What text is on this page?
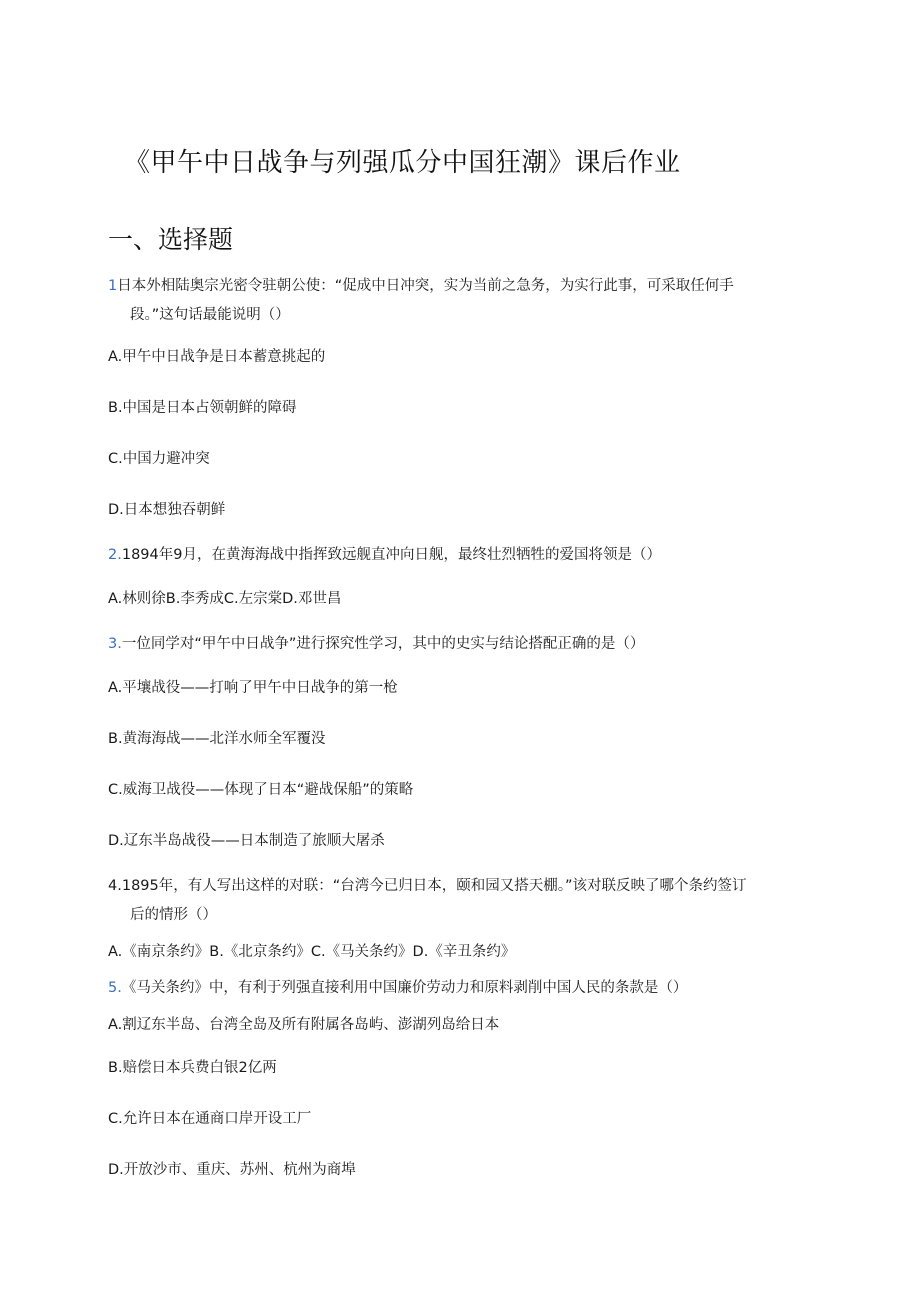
《甲午中日战争与列强瓜分中国狂潮》课后作业
一、选择题
1日本外相陆奥宗光密令驻朝公使：“促成中日冲突，实为当前之急务，为实行此事，可采取任何手
段。”这句话最能说明（）
A.甲午中日战争是日本蓄意挑起的
B.中国是日本占领朝鲜的障碍
C.中国力避冲突
D.日本想独吞朝鲜
2.1894年9月，在黄海海战中指挥致远舰直冲向日舰，最终壮烈牺牲的爱国将领是（）
A.林则徐B.李秀成C.左宗棠D.邓世昌
3.一位同学对“甲午中日战争”进行探究性学习，其中的史实与结论搭配正确的是（）
A.平壤战役——打响了甲午中日战争的第一枪
B.黄海海战——北洋水师全军覆没
C.威海卫战役——体现了日本“避战保船”的策略
D.辽东半岛战役——日本制造了旅顺大屠杀
4.1895年，有人写出这样的对联：“台湾今已归日本，颐和园又搭天棚。”该对联反映了哪个条约签订
后的情形（）
A.《南京条约》B.《北京条约》C.《马关条约》D.《辛丑条约》
5.《马关条约》中，有利于列强直接利用中国廉价劳动力和原料剥削中国人民的条款是（）
A.割辽东半岛、台湾全岛及所有附属各岛屿、澎湖列岛给日本
B.赔偿日本兵费白银2亿两
C.允许日本在通商口岸开设工厂
D.开放沙市、重庆、苏州、杭州为商埠
